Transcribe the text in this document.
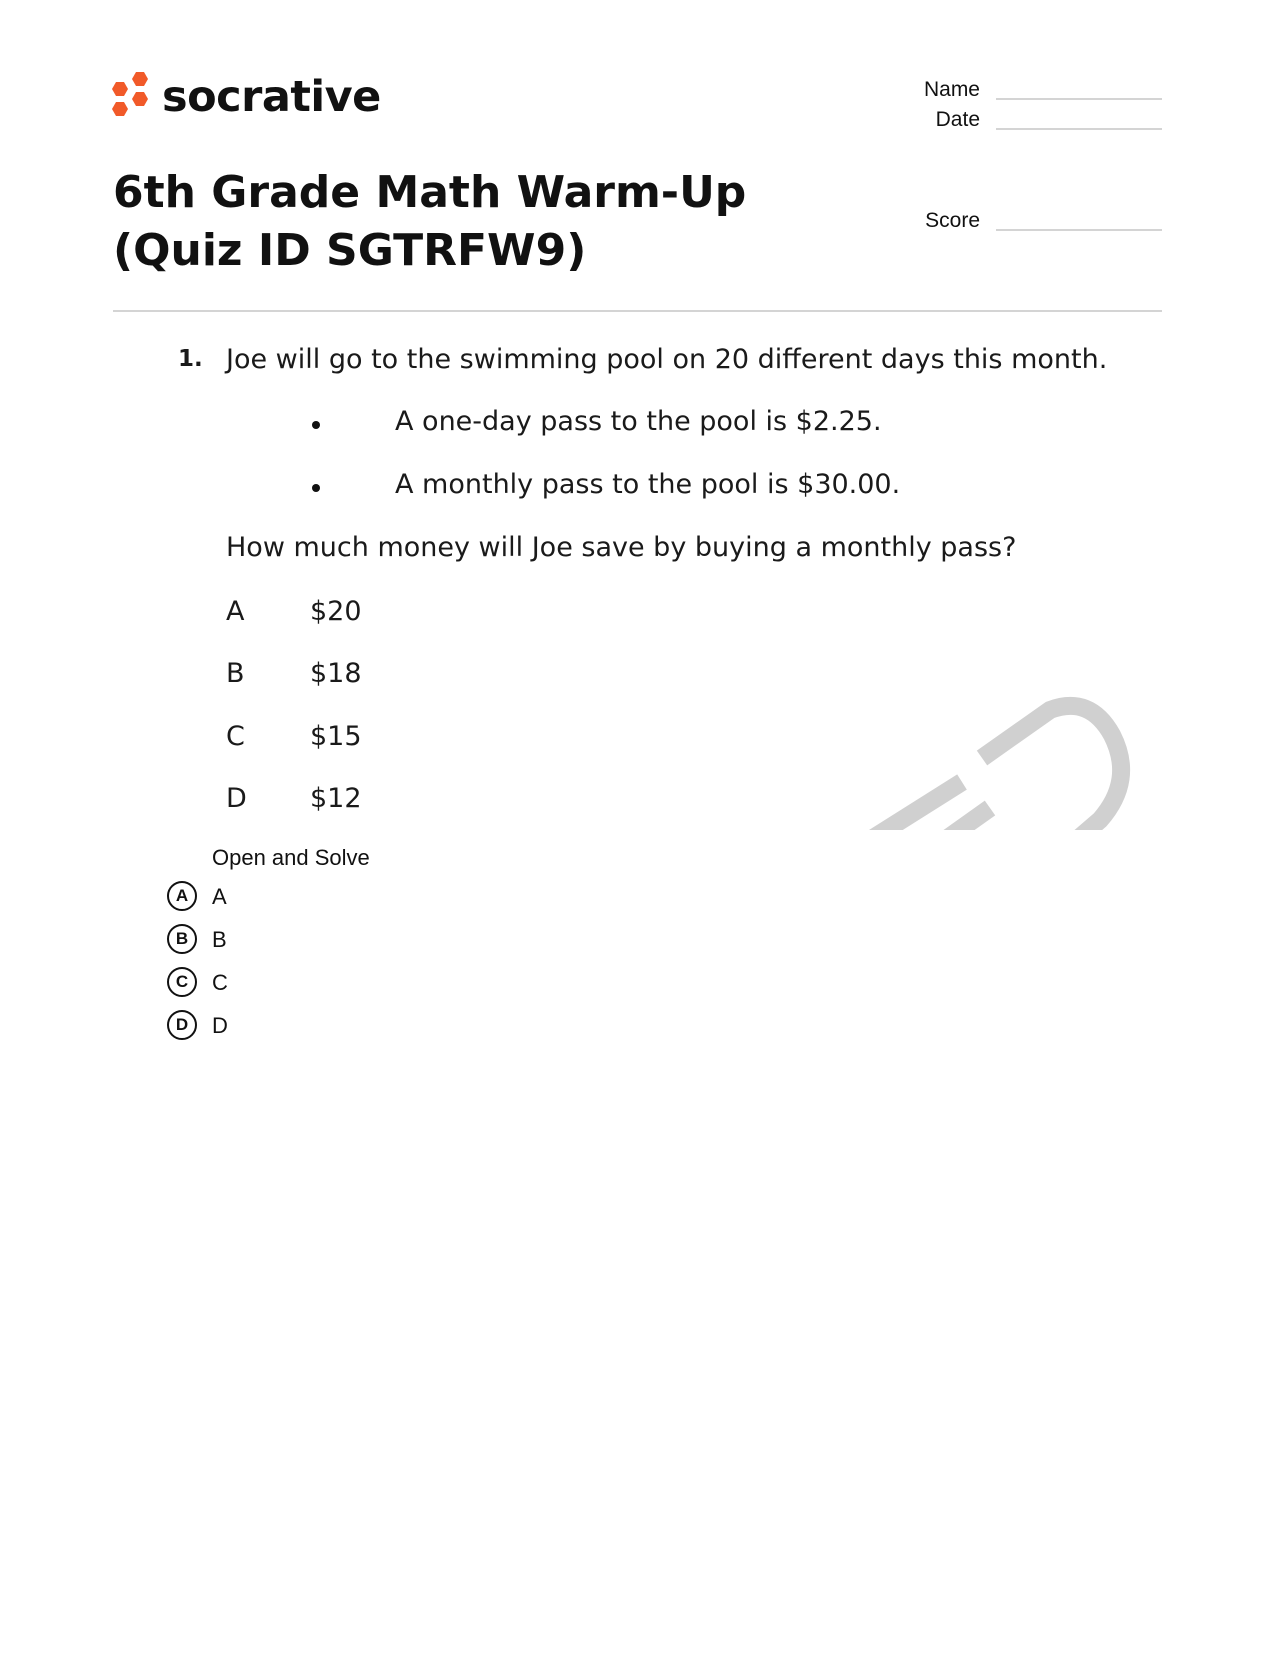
socrative
6th Grade Math Warm-Up (Quiz ID SGTRFW9)
Name
Date
Score
1. Joe will go to the swimming pool on 20 different days this month.
A one-day pass to the pool is $2.25.
A monthly pass to the pool is $30.00.
How much money will Joe save by buying a monthly pass?
A $20
B $18
C $15
D $12
Open and Solve
A	A
B	B
C	C
D	D
